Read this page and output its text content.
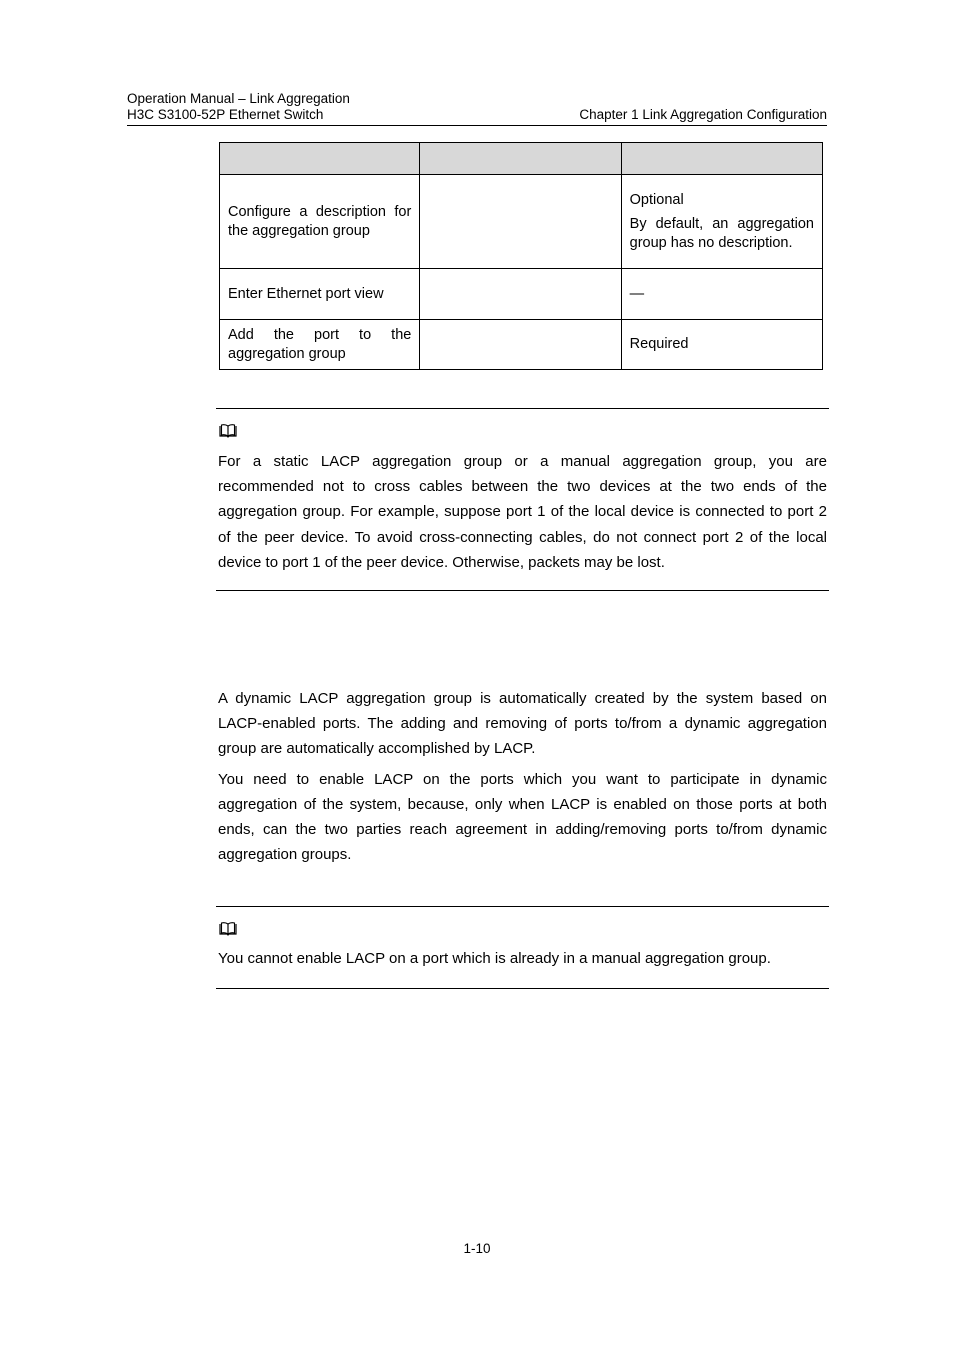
Operation Manual – Link Aggregation
H3C S3100-52P Ethernet Switch	Chapter 1 Link Aggregation Configuration

Configure a description for the aggregation group		Optional

By default, an aggregation group has no description.

Enter Ethernet port view		—

Add the port to the aggregation group		Required

For a static LACP aggregation group or a manual aggregation group, you are recommended not to cross cables between the two devices at the two ends of the aggregation group. For example, suppose port 1 of the local device is connected to port 2 of the peer device. To avoid cross-connecting cables, do not connect port 2 of the local device to port 1 of the peer device. Otherwise, packets may be lost.

A dynamic LACP aggregation group is automatically created by the system based on LACP-enabled ports. The adding and removing of ports to/from a dynamic aggregation group are automatically accomplished by LACP.

You need to enable LACP on the ports which you want to participate in dynamic aggregation of the system, because, only when LACP is enabled on those ports at both ends, can the two parties reach agreement in adding/removing ports to/from dynamic aggregation groups.

You cannot enable LACP on a port which is already in a manual aggregation group.
1-10
